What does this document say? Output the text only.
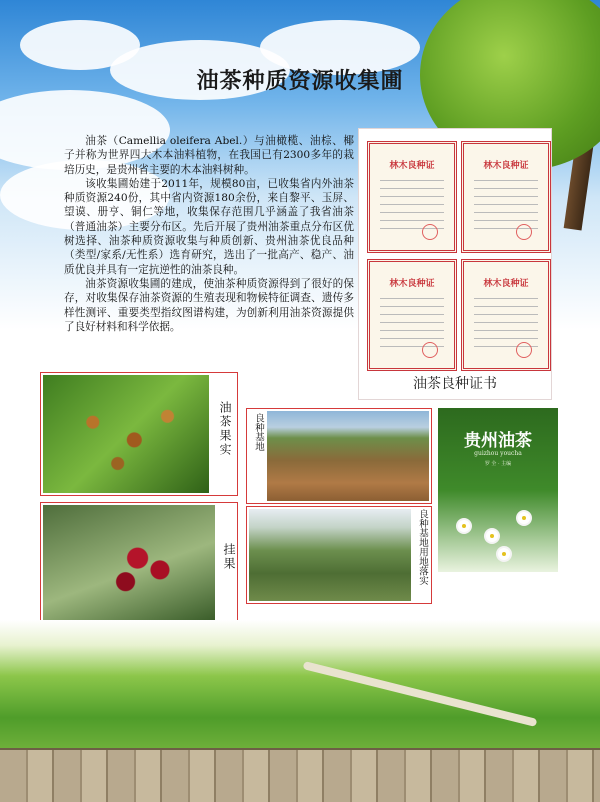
油茶种质资源收集圃

油茶（Camellia oleifera Abel.）与油橄榄、油棕、椰子并称为世界四大木本油料植物，在我国已有2300多年的栽培历史，是贵州省主要的木本油料树种。

该收集圃始建于2011年，规模80亩，已收集省内外油茶种质资源240份，其中省内资源180余份，来自黎平、玉屏、望谟、册亨、铜仁等地，收集保存范围几乎涵盖了我省油茶（普通油茶）主要分布区。先后开展了贵州油茶重点分布区优树选择、油茶种质资源收集与种质创新、贵州油茶优良品种（类型/家系/无性系）选育研究，选出了一批高产、稳产、油质优良并具有一定抗逆性的油茶良种。

油茶资源收集圃的建成，使油茶种质资源得到了很好的保存，对收集保存油茶资源的生殖表现和物候特征调查、遗传多样性测评、重要类型指纹图谱构建，为创新利用油茶资源提供了良好材料和科学依据。

林木良种证	林木良种证
林木良种证	林木良种证
油茶良种证书
油茶果实
挂果
良种基地
良种基地用地落实
贵州油茶
guizhou youcha
罗 全 · 主编
